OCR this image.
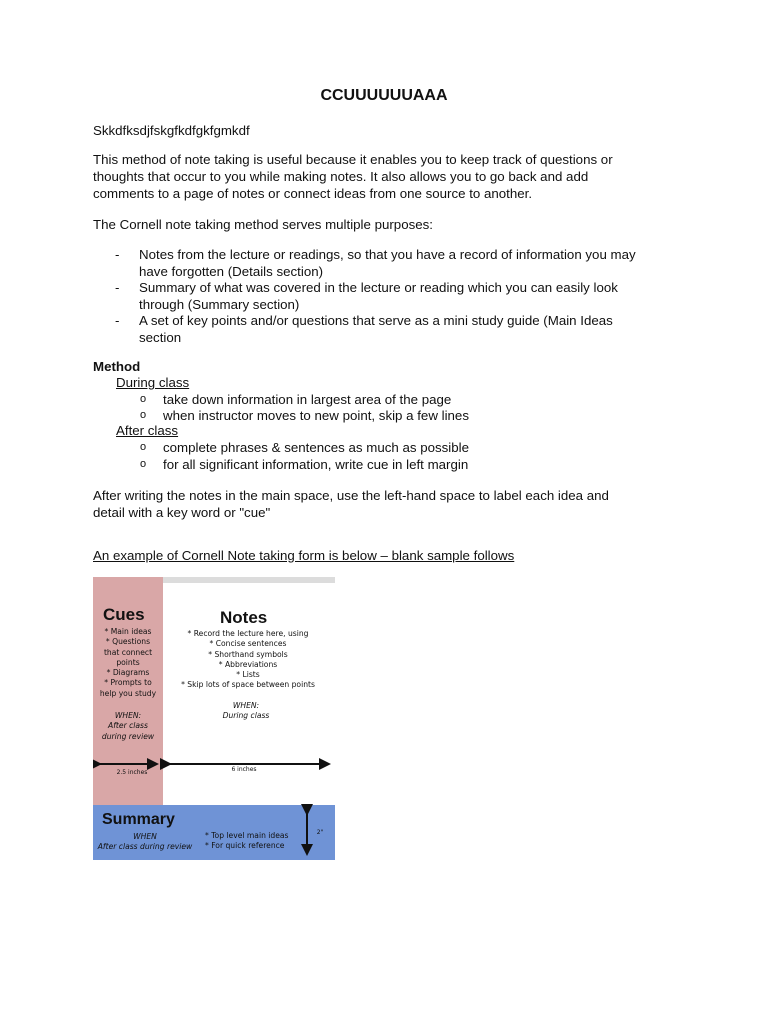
CCUUUUUUAAA

Skkdfksdjfskgfkdfgkfgmkdf

This method of note taking is useful because it enables you to keep track of questions or

thoughts that occur to you while making notes. It also allows you to go back and add

comments to a page of notes or connect ideas from one source to another.

The Cornell note taking method serves multiple purposes:

- Notes from the lecture or readings, so that you have a record of information you may
have forgotten (Details section)
- Summary of what was covered in the lecture or reading which you can easily look
through (Summary section)
- A set of key points and/or questions that serve as a mini study guide (Main Ideas
section
Method
During class
o take down information in largest area of the page
o when instructor moves to new point, skip a few lines
After class
o complete phrases & sentences as much as possible
o for all significant information, write cue in left margin

After writing the notes in the main space, use the left-hand space to label each idea and

detail with a key word or "cue"

An example of Cornell Note taking form is below – blank sample follows
Cues
* Main ideas
* Questions
that connect
points
* Diagrams
* Prompts to
help you study
WHEN:
After class
during review
Notes
* Record the lecture here, using
* Concise sentences
* Shorthand symbols
* Abbreviations
* Lists
* Skip lots of space between points
WHEN:
During class
2.5 inches	6 inches
Summary
WHEN
After class during review
* Top level main ideas
* For quick reference
2"
